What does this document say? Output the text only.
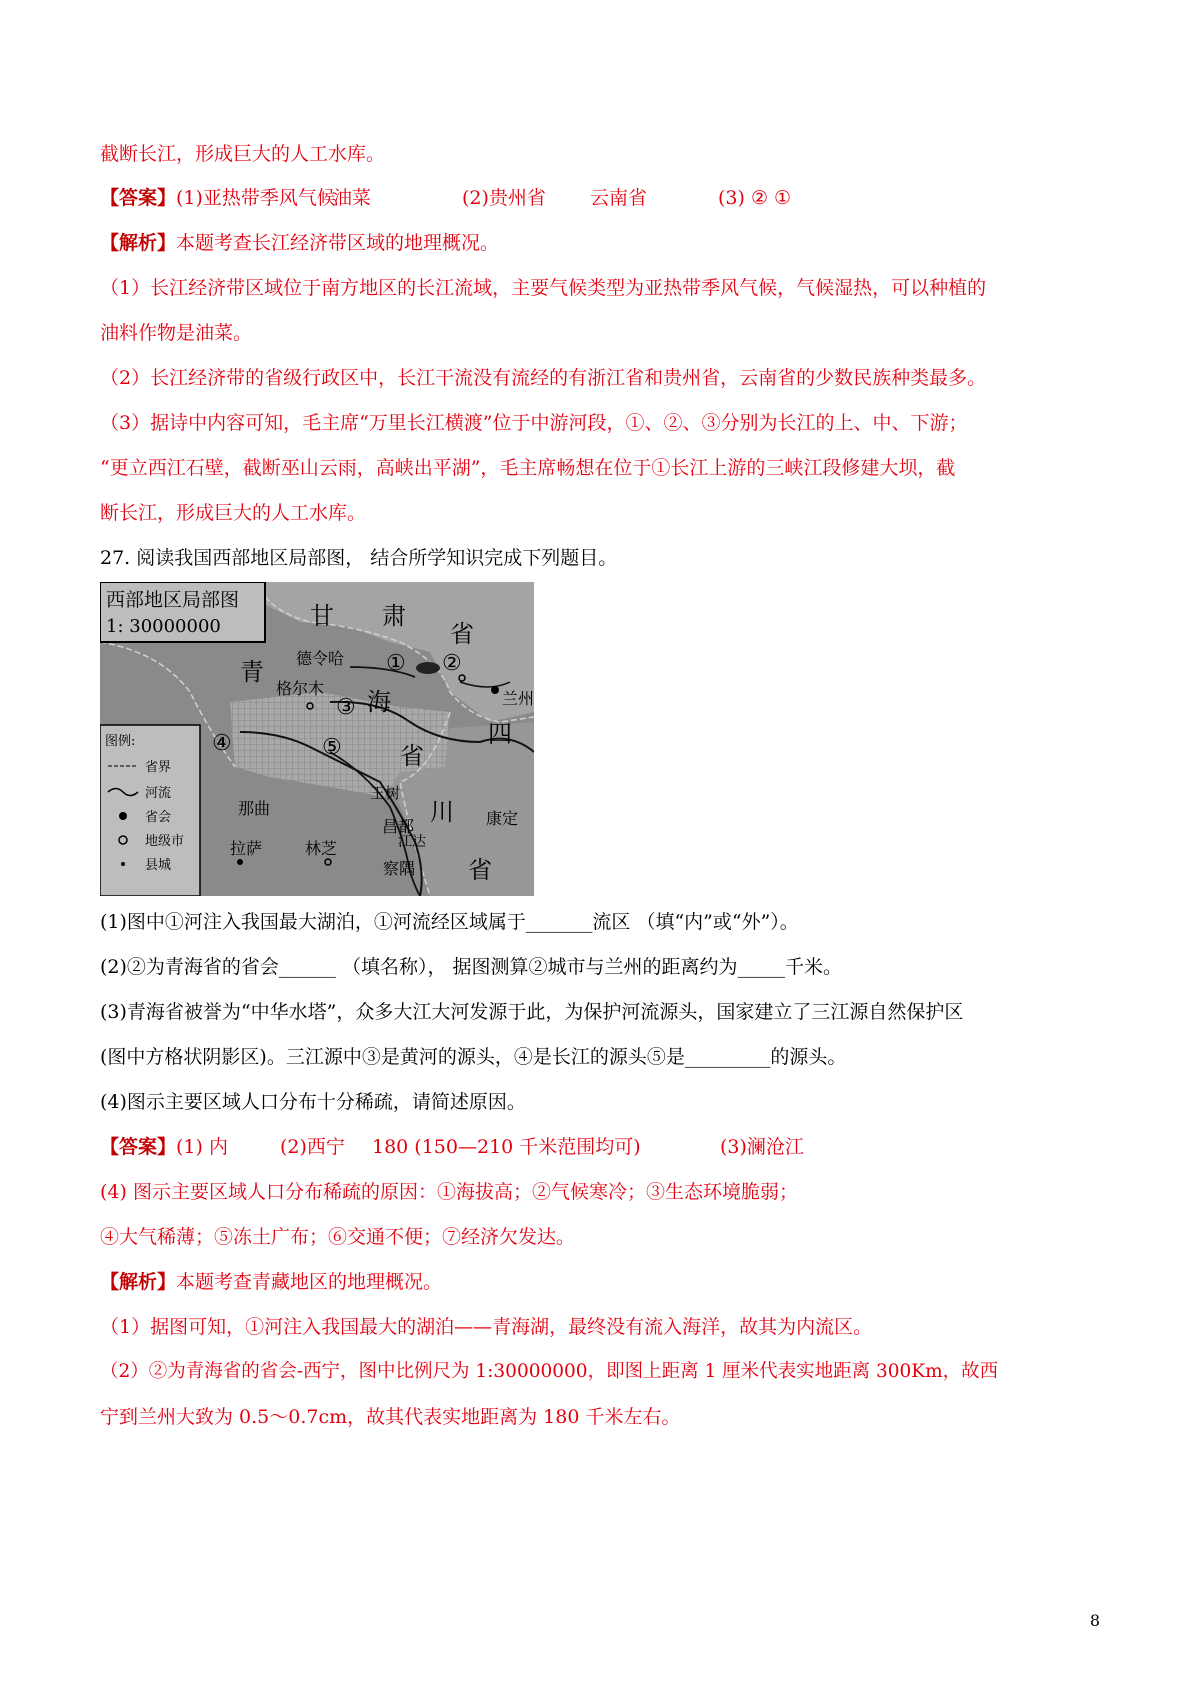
截断长江，形成巨大的人工水库。
【答案】(1)亚热带季风气候
油菜	(2)贵州省 云南省	(3) ② ①
【解析】本题考查长江经济带区域的地理概况。
（1）长江经济带区域位于南方地区的长江流域，主要气候类型为亚热带季风气候，气候湿热，可以种植的
油料作物是油菜。
（2）长江经济带的省级行政区中，长江干流没有流经的有浙江省和贵州省，云南省的少数民族种类最多。
（3）据诗中内容可知，毛主席“万里长江横渡”位于中游河段，①、②、③分别为长江的上、中、下游；
“更立西江石壁，截断巫山云雨，高峡出平湖”，毛主席畅想在位于①长江上游的三峡江段修建大坝，截
断长江，形成巨大的人工水库。
27. 阅读我国西部地区局部图， 结合所学知识完成下列题目。
西部地区局部图
1: 30000000
图例:
省界
河流
省会
地级市
县城
甘 肃
省
青
海
省
四
川
省
德令哈
格尔木
兰州
那曲
拉萨	林芝
昌都
江达
康定
察隅
玉树
① ②
③
④	⑤
(1)图中①河注入我国最大湖泊，①河流经区域属于_______流区 （填“内”或“外”）。
(2)②为青海省的省会______ （填名称）， 据图测算②城市与兰州的距离约为_____千米。
(3)青海省被誉为“中华水塔”，众多大江大河发源于此，为保护河流源头，国家建立了三江源自然保护区
(图中方格状阴影区)。三江源中③是黄河的源头，④是长江的源头⑤是_________的源头。
(4)图示主要区域人口分布十分稀疏，请简述原因。
【答案】(1) 内	(2)西宁 180 (150—210 千米范围均可)	(3)澜沧江
(4) 图示主要区域人口分布稀疏的原因：①海拔高；②气候寒冷；③生态环境脆弱；
④大气稀薄；⑤冻土广布；⑥交通不便；⑦经济欠发达。
【解析】本题考查青藏地区的地理概况。
（1）据图可知，①河注入我国最大的湖泊——青海湖，最终没有流入海洋，故其为内流区。
（2）②为青海省的省会-西宁，图中比例尺为 1:30000000，即图上距离 1 厘米代表实地距离 300Km，故西
宁到兰州大致为 0.5～0.7cm，故其代表实地距离为 180 千米左右。
8
